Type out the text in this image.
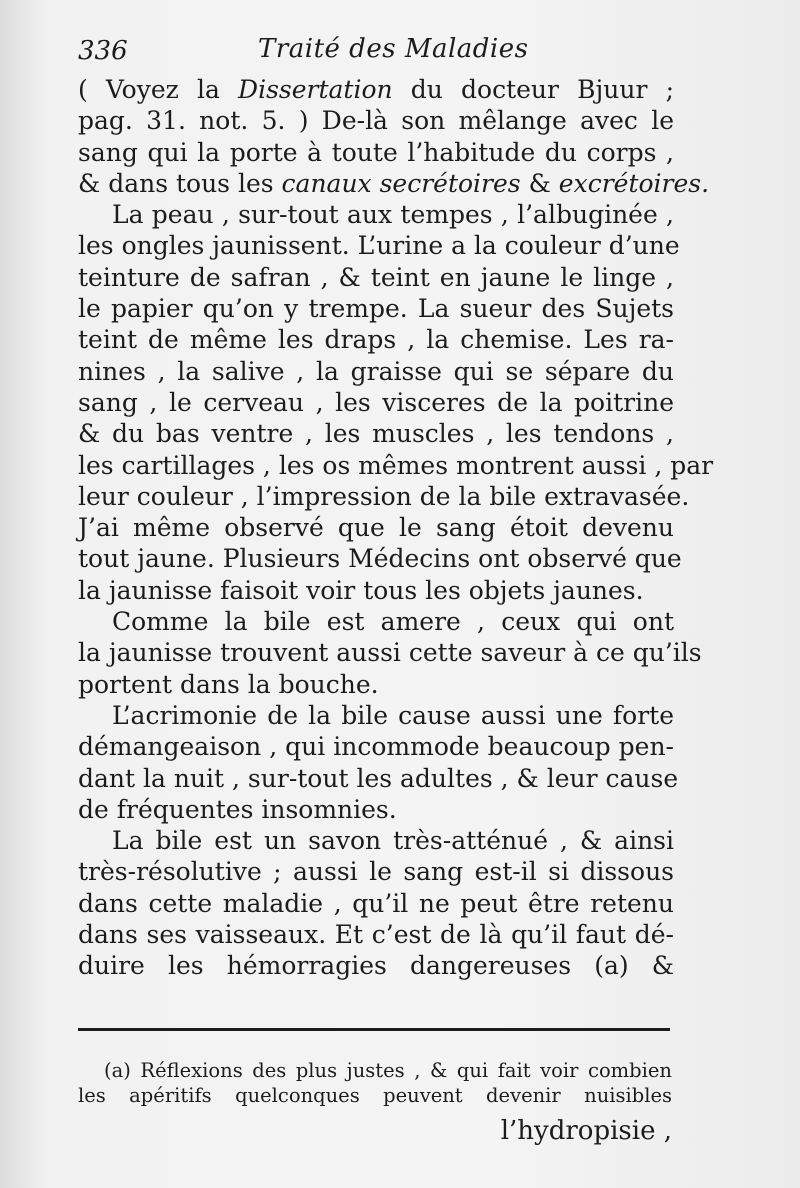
336	Traité des Maladies

( Voyez la Dissertation du docteur Bjuur ;
pag. 31. not. 5. ) De-là son mêlange avec le
sang qui la porte à toute l’habitude du corps ,
& dans tous les canaux secrétoires & excrétoires.

La peau , sur-tout aux tempes , l’albuginée ,
les ongles jaunissent. L’urine a la couleur d’une
teinture de safran , & teint en jaune le linge ,
le papier qu’on y trempe. La sueur des Sujets
teint de même les draps , la chemise. Les ra-
nines , la salive , la graisse qui se sépare du
sang , le cerveau , les visceres de la poitrine
& du bas ventre , les muscles , les tendons ,
les cartillages , les os mêmes montrent aussi , par
leur couleur , l’impression de la bile extravasée.
J’ai même observé que le sang étoit devenu
tout jaune. Plusieurs Médecins ont observé que
la jaunisse faisoit voir tous les objets jaunes.

Comme la bile est amere , ceux qui ont
la jaunisse trouvent aussi cette saveur à ce qu’ils
portent dans la bouche.

L’acrimonie de la bile cause aussi une forte
démangeaison , qui incommode beaucoup pen-
dant la nuit , sur-tout les adultes , & leur cause
de fréquentes insomnies.

La bile est un savon très-atténué , & ainsi
très-résolutive ; aussi le sang est-il si dissous
dans cette maladie , qu’il ne peut être retenu
dans ses vaisseaux. Et c’est de là qu’il faut dé-
duire les hémorragies dangereuses (a) &

(a) Réflexions des plus justes , & qui fait voir combien
les apéritifs quelconques peuvent devenir nuisibles
l’hydropisie ,
